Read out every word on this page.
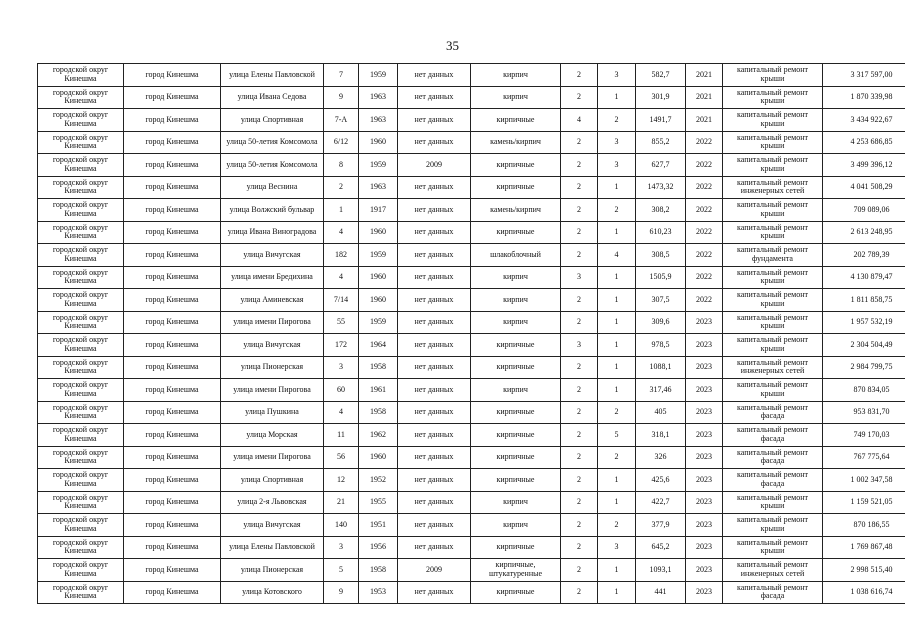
35
городской округ Кинешма	город Кинешма	улица Елены Павловской	7	1959	нет данных	кирпич	2	3	582,7	2021	капитальный ремонт крыши	3 317 597,00
городской округ Кинешма	город Кинешма	улица Ивана Седова	9	1963	нет данных	кирпич	2	1	301,9	2021	капитальный ремонт крыши	1 870 339,98
городской округ Кинешма	город Кинешма	улица Спортивная	7-А	1963	нет данных	кирпичные	4	2	1491,7	2021	капитальный ремонт крыши	3 434 922,67
городской округ Кинешма	город Кинешма	улица 50-летия Комсомола	6/12	1960	нет данных	камень/кирпич	2	3	855,2	2022	капитальный ремонт крыши	4 253 686,85
городской округ Кинешма	город Кинешма	улица 50-летия Комсомола	8	1959	2009	кирпичные	2	3	627,7	2022	капитальный ремонт крыши	3 499 396,12
городской округ Кинешма	город Кинешма	улица Веснина	2	1963	нет данных	кирпичные	2	1	1473,32	2022	капитальный ремонт инженерных сетей	4 041 508,29
городской округ Кинешма	город Кинешма	улица Волжский бульвар	1	1917	нет данных	камень/кирпич	2	2	308,2	2022	капитальный ремонт крыши	709 089,06
городской округ Кинешма	город Кинешма	улица Ивана Виноградова	4	1960	нет данных	кирпичные	2	1	610,23	2022	капитальный ремонт крыши	2 613 248,95
городской округ Кинешма	город Кинешма	улица Вичугская	182	1959	нет данных	шлакоблочный	2	4	308,5	2022	капитальный ремонт фундамента	202 789,39
городской округ Кинешма	город Кинешма	улица имени Бредихина	4	1960	нет данных	кирпич	3	1	1505,9	2022	капитальный ремонт крыши	4 130 879,47
городской округ Кинешма	город Кинешма	улица Аминевская	7/14	1960	нет данных	кирпич	2	1	307,5	2022	капитальный ремонт крыши	1 811 858,75
городской округ Кинешма	город Кинешма	улица имени Пирогова	55	1959	нет данных	кирпич	2	1	309,6	2023	капитальный ремонт крыши	1 957 532,19
городской округ Кинешма	город Кинешма	улица Вичугская	172	1964	нет данных	кирпичные	3	1	978,5	2023	капитальный ремонт крыши	2 304 504,49
городской округ Кинешма	город Кинешма	улица Пионерская	3	1958	нет данных	кирпичные	2	1	1088,1	2023	капитальный ремонт инженерных сетей	2 984 799,75
городской округ Кинешма	город Кинешма	улица имени Пирогова	60	1961	нет данных	кирпич	2	1	317,46	2023	капитальный ремонт крыши	870 834,05
городской округ Кинешма	город Кинешма	улица Пушкина	4	1958	нет данных	кирпичные	2	2	405	2023	капитальный ремонт фасада	953 831,70
городской округ Кинешма	город Кинешма	улица Морская	11	1962	нет данных	кирпичные	2	5	318,1	2023	капитальный ремонт фасада	749 170,03
городской округ Кинешма	город Кинешма	улица имени Пирогова	56	1960	нет данных	кирпичные	2	2	326	2023	капитальный ремонт фасада	767 775,64
городской округ Кинешма	город Кинешма	улица Спортивная	12	1952	нет данных	кирпичные	2	1	425,6	2023	капитальный ремонт фасада	1 002 347,58
городской округ Кинешма	город Кинешма	улица 2-я Львовская	21	1955	нет данных	кирпич	2	1	422,7	2023	капитальный ремонт крыши	1 159 521,05
городской округ Кинешма	город Кинешма	улица Вичугская	140	1951	нет данных	кирпич	2	2	377,9	2023	капитальный ремонт крыши	870 186,55
городской округ Кинешма	город Кинешма	улица Елены Павловской	3	1956	нет данных	кирпичные	2	3	645,2	2023	капитальный ремонт крыши	1 769 867,48
городской округ Кинешма	город Кинешма	улица Пионерская	5	1958	2009	кирпичные, штукатуренные	2	1	1093,1	2023	капитальный ремонт инженерных сетей	2 998 515,40
городской округ Кинешма	город Кинешма	улица Котовского	9	1953	нет данных	кирпичные	2	1	441	2023	капитальный ремонт фасада	1 038 616,74
